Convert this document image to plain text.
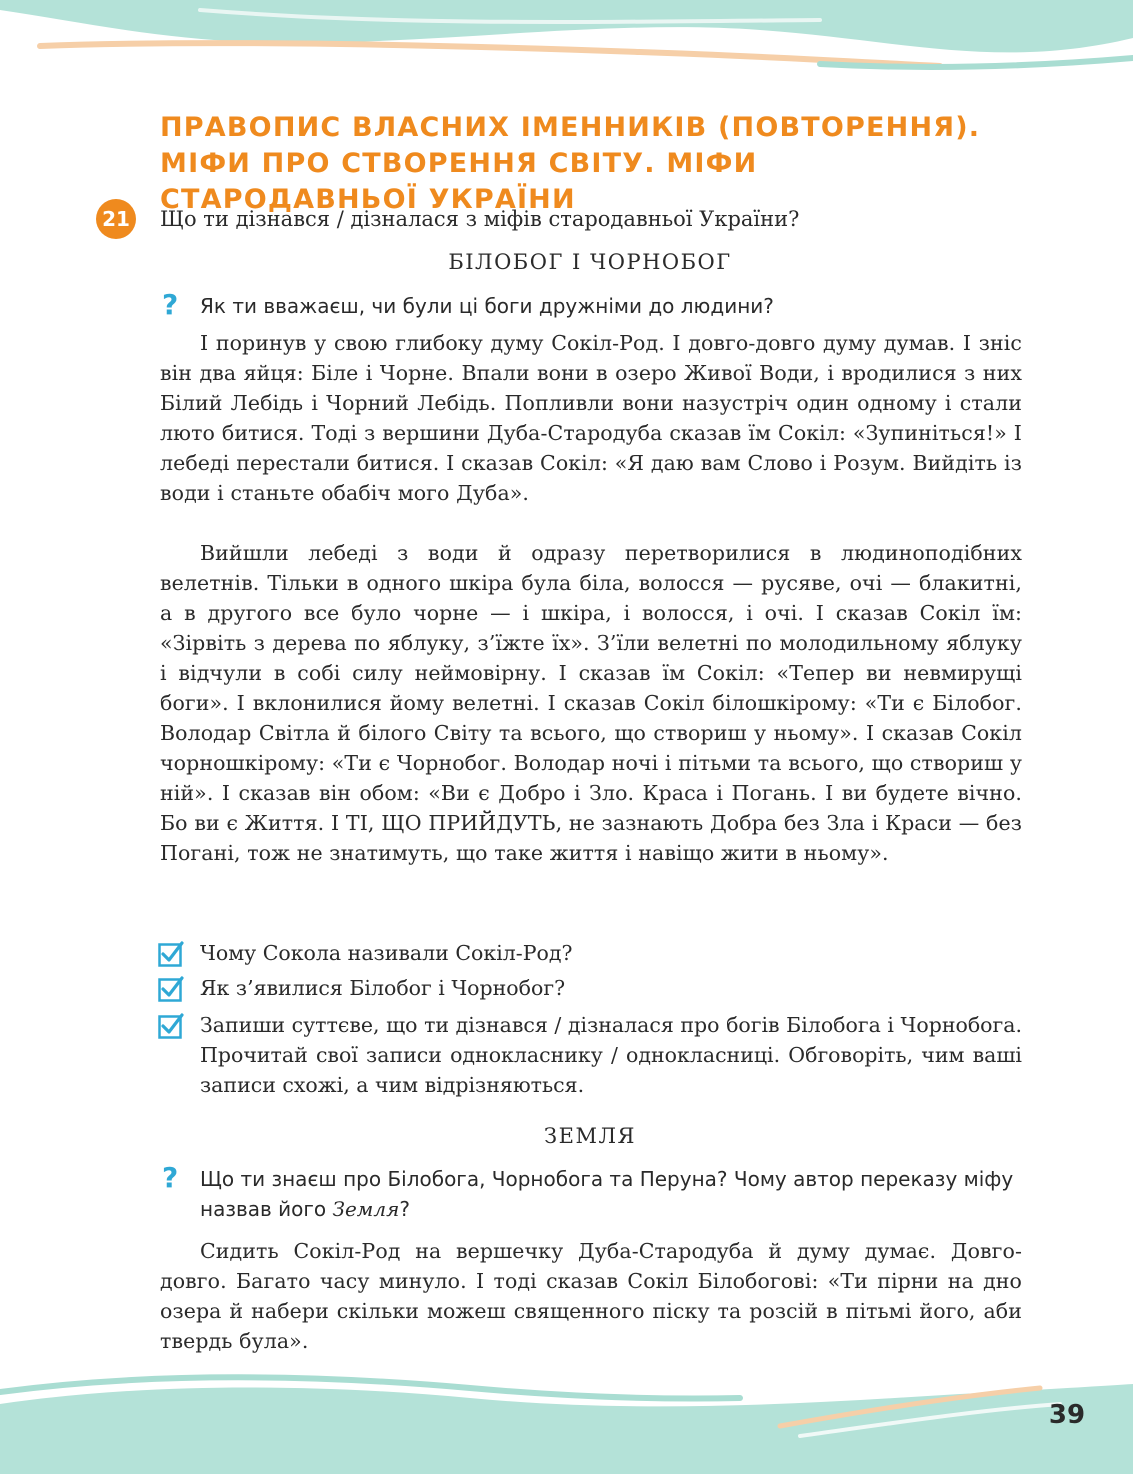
ПРАВОПИС ВЛАСНИХ ІМЕННИКІВ (ПОВТОРЕННЯ). МІФИ ПРО СТВОРЕННЯ СВІТУ. МІФИ СТАРОДАВНЬОЇ УКРАЇНИ
21 Що ти дізнався / дізналася з міфів стародавньої України?
БІЛОБОГ І ЧОРНОБОГ
? Як ти вважаєш, чи були ці боги дружніми до людини?

І поринув у свою глибоку думу Сокіл-Род. І довго-довго думу думав. І зніс він два яйця: Біле і Чорне. Впали вони в озеро Живої Води, і вродилися з них Білий Лебідь і Чорний Лебідь. Попливли вони назустріч один одному і стали люто битися. Тоді з вершини Дуба-Стародуба сказав їм Сокіл: «Зупиніться!» І лебеді перестали битися. І сказав Сокіл: «Я даю вам Слово і Розум. Вийдіть із води і станьте обабіч мого Дуба».

Вийшли лебеді з води й одразу перетворилися в людиноподібних велетнів. Тільки в одного шкіра була біла, волосся — русяве, очі — блакитні, а в другого все було чорне — і шкіра, і волосся, і очі. І сказав Сокіл їм: «Зірвіть з дерева по яблуку, з’їжте їх». З’їли велетні по молодильному яблуку і відчули в собі силу неймовірну. І сказав їм Сокіл: «Тепер ви невмирущі боги». І вклонилися йому велетні. І сказав Сокіл білошкірому: «Ти є Білобог. Володар Світла й білого Світу та всього, що створиш у ньому». І сказав Сокіл чорношкірому: «Ти є Чорнобог. Володар ночі і пітьми та всього, що створиш у ній». І сказав він обом: «Ви є Добро і Зло. Краса і Погань. І ви будете вічно. Бо ви є Життя. І ТІ, ЩО ПРИЙДУТЬ, не зазнають Добра без Зла і Краси — без Погані, тож не знатимуть, що таке життя і навіщо жити в ньому».

Чому Сокола називали Сокіл-Род?
Як з’явилися Білобог і Чорнобог?
Запиши суттєве, що ти дізнався / дізналася про богів Білобога і Чорнобога. Прочитай свої записи однокласнику / однокласниці. Обговоріть, чим ваші записи схожі, а чим відрізняються.
ЗЕМЛЯ
? Що ти знаєш про Білобога, Чорнобога та Перуна? Чому автор переказу міфу назвав його Земля?

Сидить Сокіл-Род на вершечку Дуба-Стародуба й думу думає. Довго-довго. Багато часу минуло. І тоді сказав Сокіл Білобогові: «Ти пірни на дно озера й набери скільки можеш священного піску та розсій в пітьмі його, аби твердь була».

39
